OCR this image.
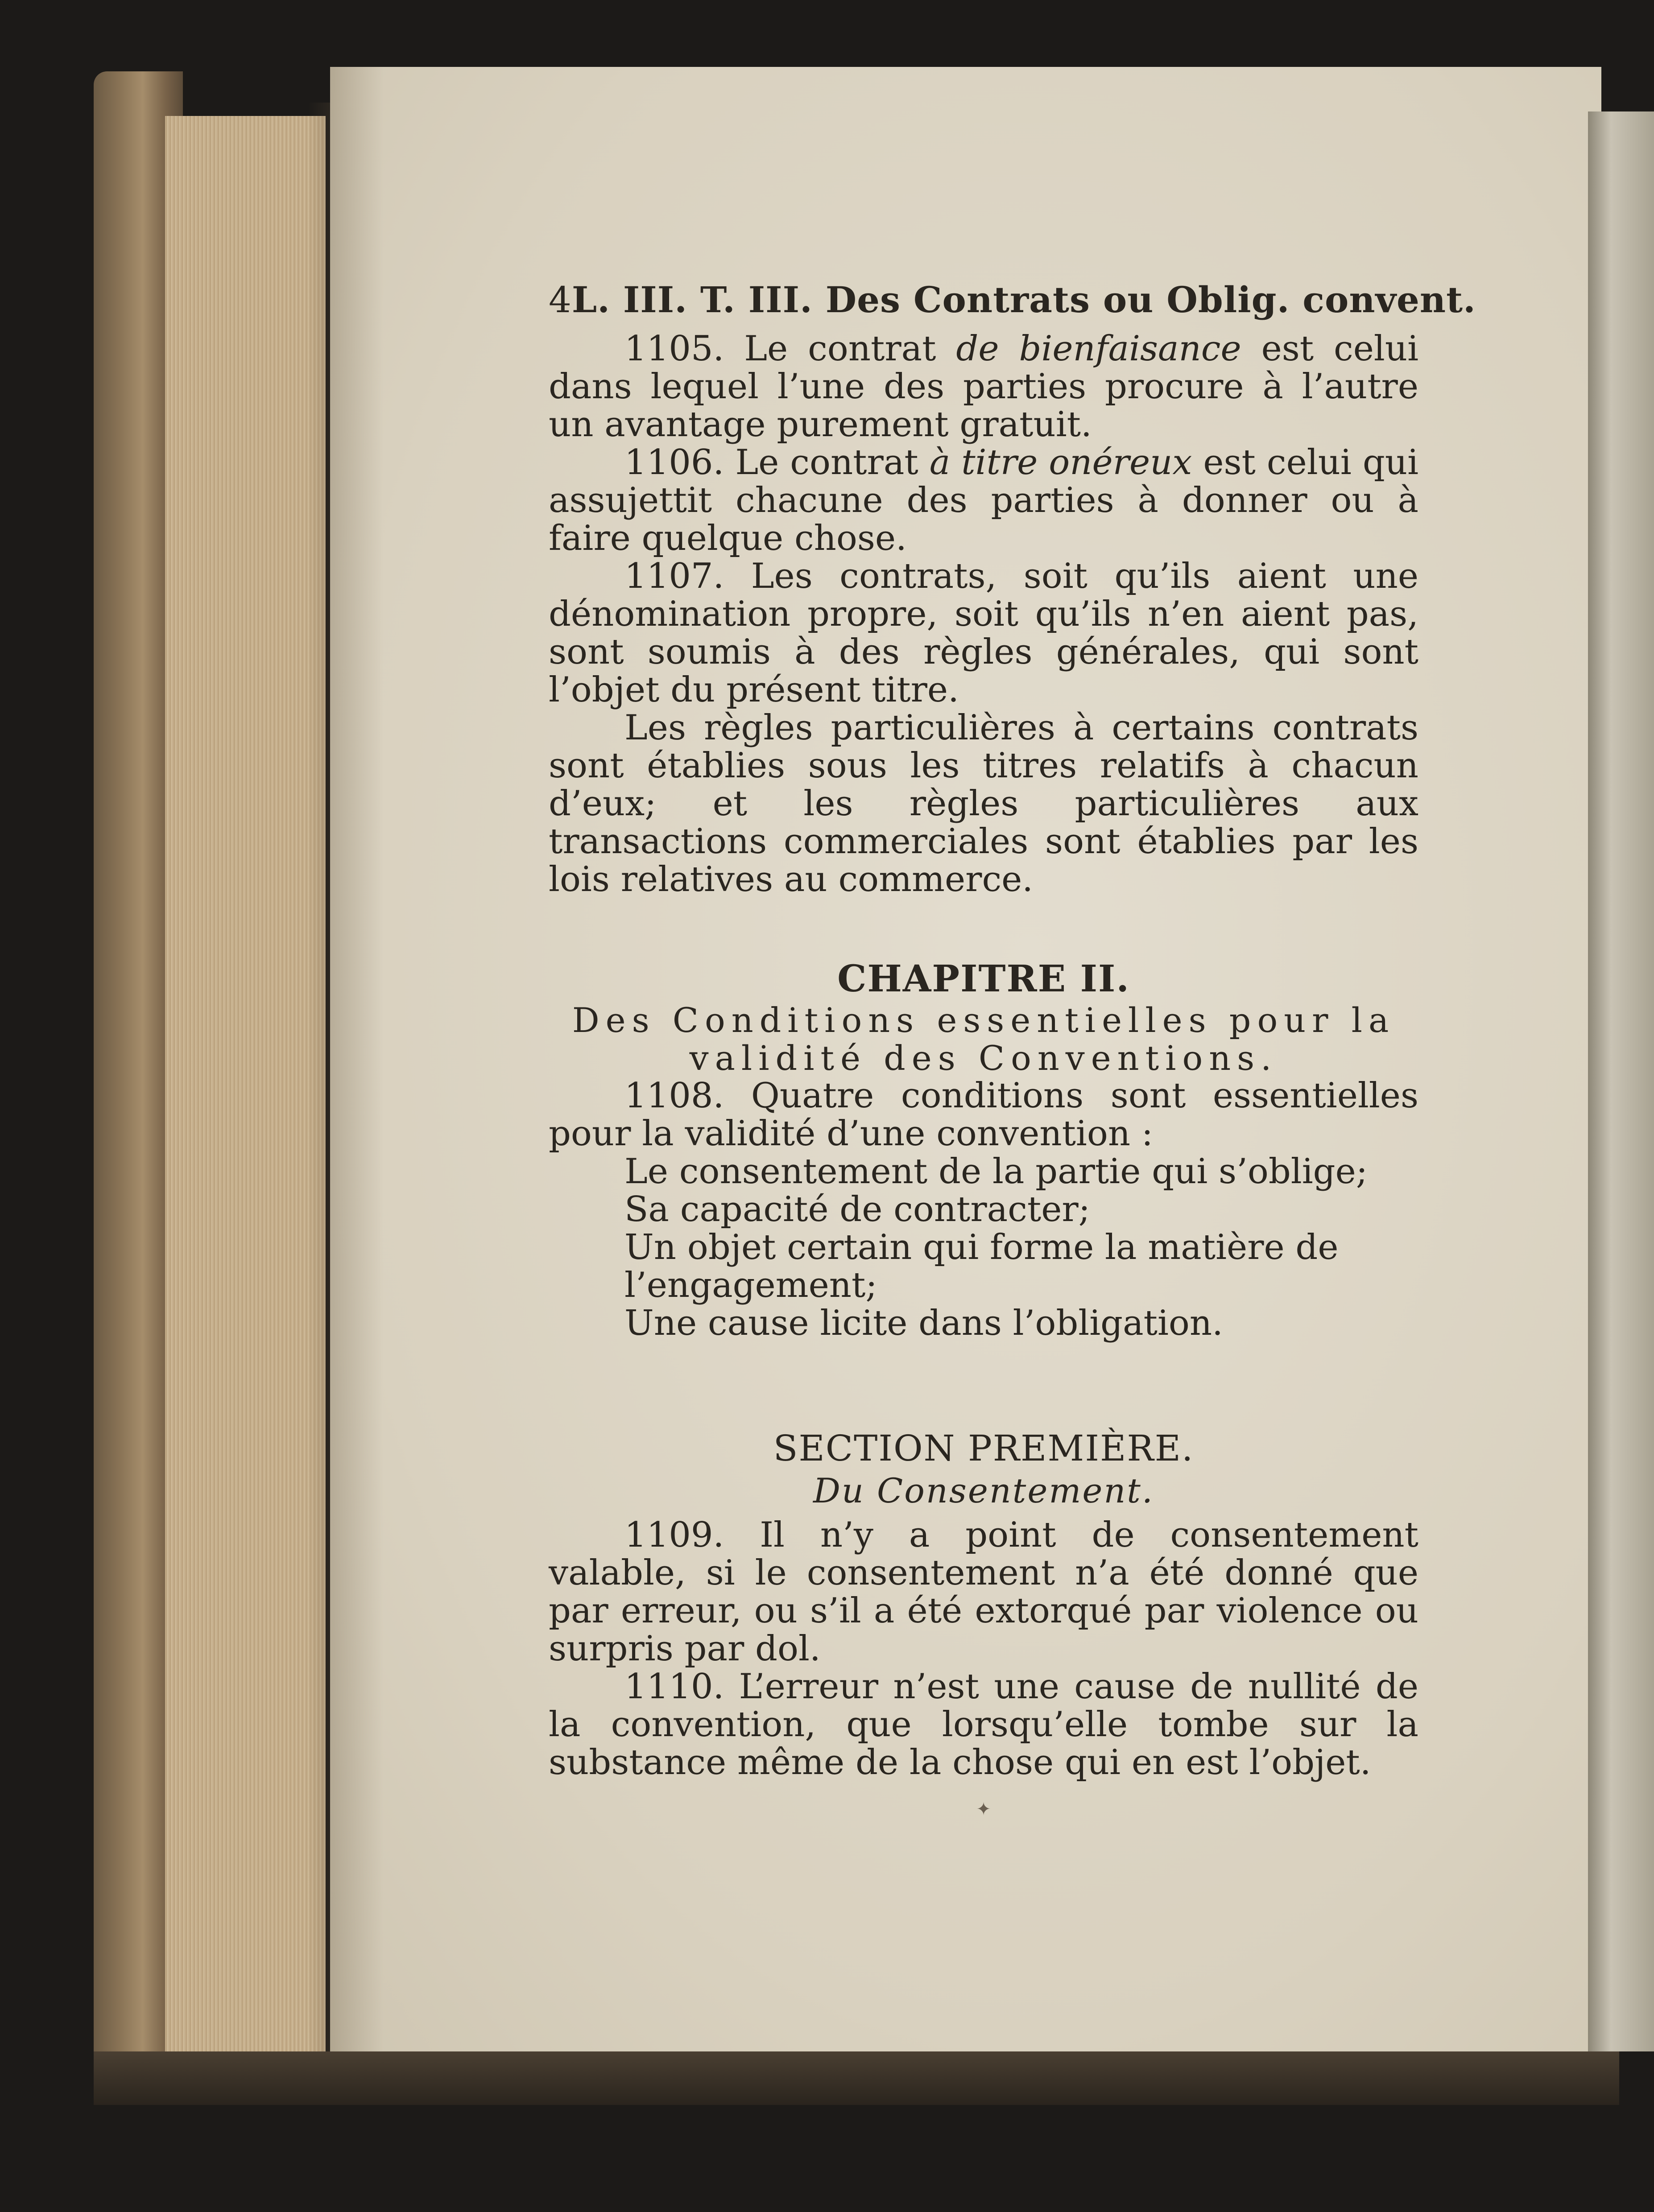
4 L. III. T. III. Des Contrats ou Oblig. convent.

1105. Le contrat de bienfaisance est celui dans lequel l’une des parties procure à l’autre un avantage purement gratuit.

1106. Le contrat à titre onéreux est celui qui assujettit chacune des parties à donner ou à faire quelque chose.

1107. Les contrats, soit qu’ils aient une dénomination propre, soit qu’ils n’en aient pas, sont soumis à des règles générales, qui sont l’objet du présent titre.

Les règles particulières à certains contrats sont établies sous les titres relatifs à chacun d’eux; et les règles particulières aux transactions commerciales sont établies par les lois relatives au commerce.

CHAPITRE II.
Des Conditions essentielles pour la validité des Conventions.

1108. Quatre conditions sont essentielles pour la validité d’une convention :

Le consentement de la partie qui s’oblige;
Sa capacité de contracter;
Un objet certain qui forme la matière de l’engagement;
Une cause licite dans l’obligation.
SECTION PREMIÈRE.
Du Consentement.

1109. Il n’y a point de consentement valable, si le consentement n’a été donné que par erreur, ou s’il a été extorqué par violence ou surpris par dol.

1110. L’erreur n’est une cause de nullité de la convention, que lorsqu’elle tombe sur la substance même de la chose qui en est l’objet.

✦
